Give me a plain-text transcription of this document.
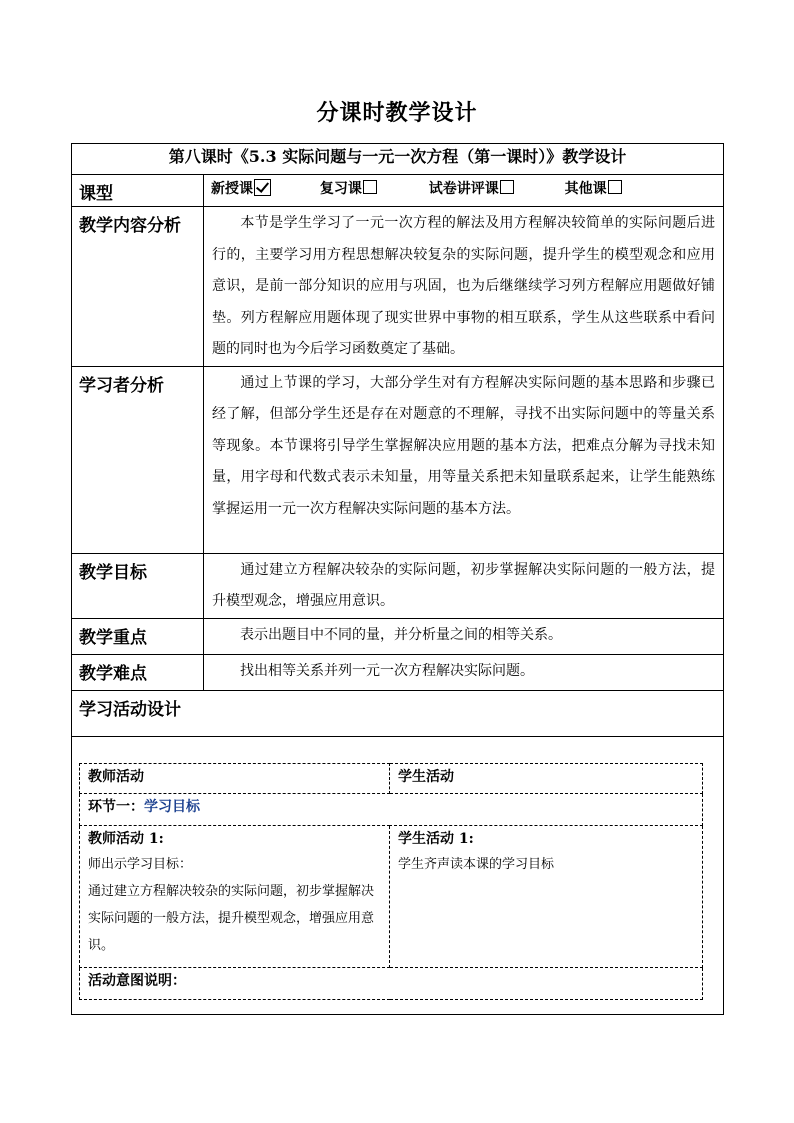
分课时教学设计
第八课时《5.3 实际问题与一元一次方程（第一课时）》教学设计
课型	新授课	复习课	试卷讲评课	其他课
教学内容分析	本节是学生学习了一元一次方程的解法及用方程解决较简单的实际问题后进行的，主要学习用方程思想解决较复杂的实际问题，提升学生的模型观念和应用意识，是前一部分知识的应用与巩固，也为后继继续学习列方程解应用题做好铺垫。列方程解应用题体现了现实世界中事物的相互联系，学生从这些联系中看问题的同时也为今后学习函数奠定了基础。
学习者分析	通过上节课的学习，大部分学生对有方程解决实际问题的基本思路和步骤已经了解，但部分学生还是存在对题意的不理解，寻找不出实际问题中的等量关系等现象。本节课将引导学生掌握解决应用题的基本方法，把难点分解为寻找未知量，用字母和代数式表示未知量，用等量关系把未知量联系起来，让学生能熟练掌握运用一元一次方程解决实际问题的基本方法。
教学目标	通过建立方程解决较杂的实际问题，初步掌握解决实际问题的一般方法，提升模型观念，增强应用意识。
教学重点	表示出题目中不同的量，并分析量之间的相等关系。
教学难点	找出相等关系并列一元一次方程解决实际问题。
学习活动设计

教师活动	学生活动
环节一：学习目标

教师活动 1:
师出示学习目标：
通过建立方程解决较杂的实际问题，初步掌握解决实际问题的一般方法，提升模型观念，增强应用意识。

学生活动 1:
学生齐声读本课的学习目标

活动意图说明：
